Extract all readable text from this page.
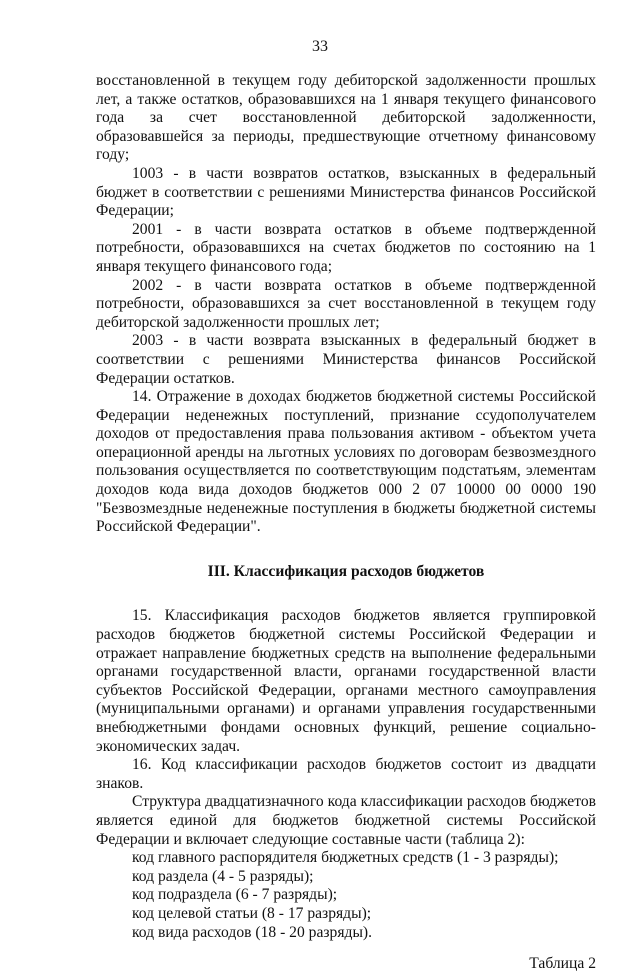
33

восстановленной в текущем году дебиторской задолженности прошлых лет, а также остатков, образовавшихся на 1 января текущего финансового года за счет восстановленной дебиторской задолженности, образовавшейся за периоды, предшествующие отчетному финансовому году;

1003 - в части возвратов остатков, взысканных в федеральный бюджет в соответствии с решениями Министерства финансов Российской Федерации;

2001 - в части возврата остатков в объеме подтвержденной потребности, образовавшихся на счетах бюджетов по состоянию на 1 января текущего финансового года;

2002 - в части возврата остатков в объеме подтвержденной потребности, образовавшихся за счет восстановленной в текущем году дебиторской задолженности прошлых лет;

2003 - в части возврата взысканных в федеральный бюджет в соответствии с решениями Министерства финансов Российской Федерации остатков.

14. Отражение в доходах бюджетов бюджетной системы Российской Федерации неденежных поступлений, признание ссудополучателем доходов от предоставления права пользования активом - объектом учета операционной аренды на льготных условиях по договорам безвозмездного пользования осуществляется по соответствующим подстатьям, элементам доходов кода вида доходов бюджетов 000 2 07 10000 00 0000 190 "Безвозмездные неденежные поступления в бюджеты бюджетной системы Российской Федерации".

III. Классификация расходов бюджетов

15. Классификация расходов бюджетов является группировкой расходов бюджетов бюджетной системы Российской Федерации и отражает направление бюджетных средств на выполнение федеральными органами государственной власти, органами государственной власти субъектов Российской Федерации, органами местного самоуправления (муниципальными органами) и органами управления государственными внебюджетными фондами основных функций, решение социально-экономических задач.

16. Код классификации расходов бюджетов состоит из двадцати знаков.

Структура двадцатизначного кода классификации расходов бюджетов является единой для бюджетов бюджетной системы Российской Федерации и включает следующие составные части (таблица 2):

код главного распорядителя бюджетных средств (1 - 3 разряды);

код раздела (4 - 5 разряды);

код подраздела (6 - 7 разряды);

код целевой статьи (8 - 17 разряды);

код вида расходов (18 - 20 разряды).

Таблица 2
